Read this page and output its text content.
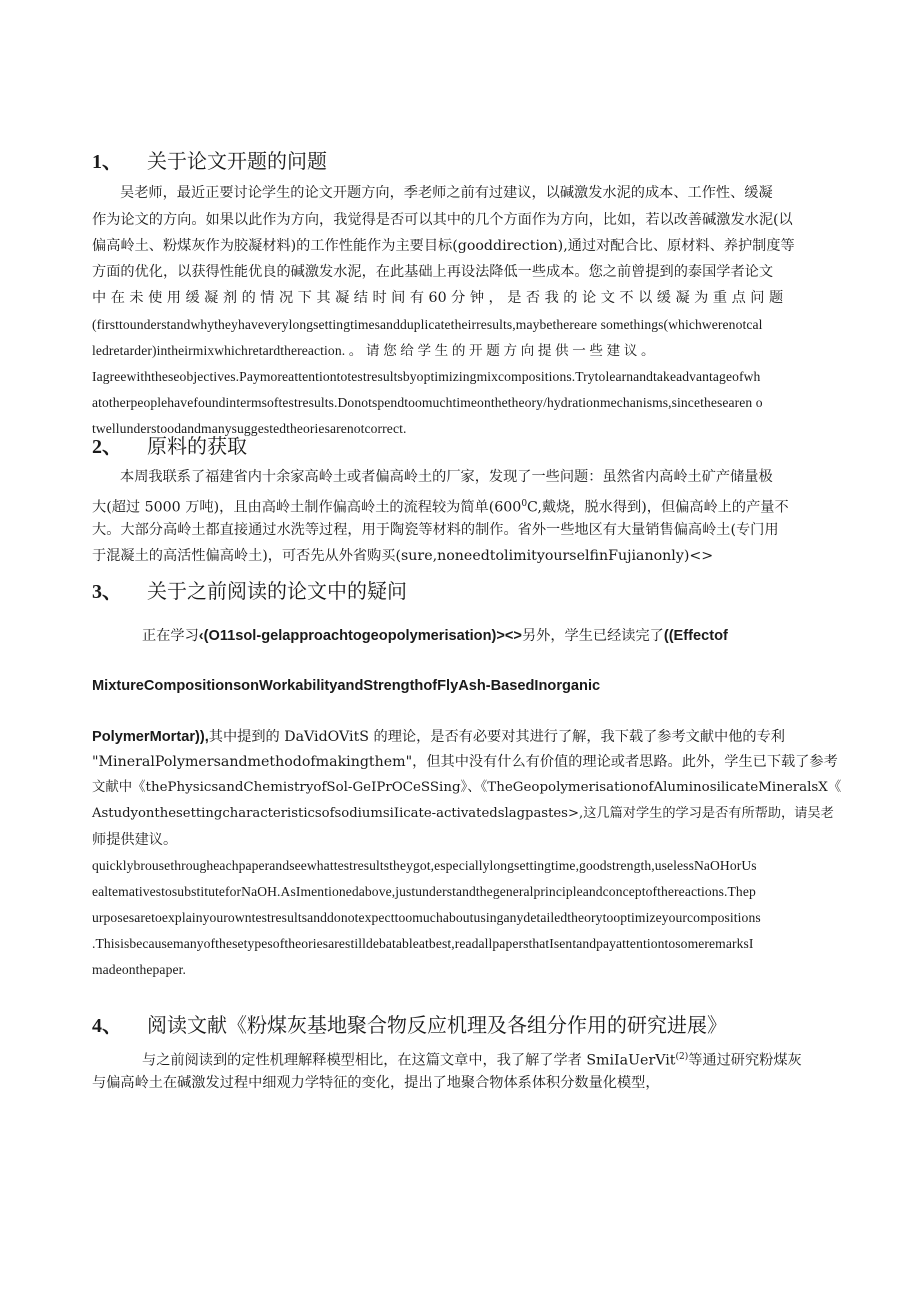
1、 关于论文开题的问题
吴老师，最近正要讨论学生的论文开题方向，季老师之前有过建议，以碱激发水泥的成本、工作性、缓凝
作为论文的方向。如果以此作为方向，我觉得是否可以其中的几个方面作为方向，比如，若以改善碱激发水泥(以
偏高岭土、粉煤灰作为胶凝材料)的工作性能作为主要目标(gooddirection),通过对配合比、原材料、养护制度等
方面的优化，以获得性能优良的碱激发水泥，在此基础上再设法降低一些成本。您之前曾提到的泰国学者论文
中 在 未 使 用 缓 凝 剂 的 情 况 下 其 凝 结 时 间 有 60 分 钟 ， 是 否 我 的 论 文 不 以 缓 凝 为 重 点 问 题
(firsttounderstandwhytheyhaveverylongsettingtimesandduplicatetheirresults,maybethereare somethings(whichwerenotcal
ledretarder)intheirmixwhichretardthereaction. 。 请 您 给 学 生 的 开 题 方 向 提 供 一 些 建 议 。
Iagreewiththeseobjectives.Paymoreattentiontotestresultsbyoptimizingmixcompositions.Trytolearnandtakeadvantageofwh
atotherpeoplehavefoundintermsoftestresults.Donotspendtoomuchtimeonthetheory/hydrationmechanisms,sincethesearen o
twellunderstoodandmanysuggestedtheoriesarenotcorrect.
2、 原料的获取
本周我联系了福建省内十余家高岭土或者偏高岭土的厂家，发现了一些问题：虽然省内高岭土矿产储量极
大(超过 5000 万吨)，且由高岭土制作偏高岭土的流程较为简单($600^0C$,戴烧，脱水得到)，但偏高岭上的产量不
大。大部分高岭土都直接通过水洗等过程，用于陶瓷等材料的制作。省外一些地区有大量销售偏高岭土(专门用
于混凝土的高活性偏高岭土)，可否先从外省购买(sure,noneedtolimityourselfinFujianonly)<>
3、 关于之前阅读的论文中的疑问
正在学习‹(O11sol-gelapproachtogeopolymerisation)><>另外，学生已经读完了((Effectof
MixtureCompositionsonWorkabilityandStrengthofFlyAsh-BasedInorganic
PolymerMortar)),其中提到的 DaVidOVitS 的理论，是否有必要对其进行了解，我下载了参考文献中他的专利
"MineralPolymersandmethodofmakingthem"，但其中没有什么有价值的理论或者思路。此外，学生已下载了参考
文献中《thePhysicsandChemistryofSol-GeIPrOCeSSing》、《TheGeopolymerisationofAluminosilicateMineralsX《
AstudyonthesettingcharacteristicsofsodiumsiIicate-activatedslagpastes>,这几篇对学生的学习是否有所帮助，请吴老
师提供建议。
quicklybrousethrougheachpaperandseewhattestresultstheygot,especiallylongsettingtime,goodstrength,uselessNaOHorUs
ealtemativestosubstituteforNaOH.AsImentionedabove,justunderstandthegeneralprincipleandconceptofthereactions.Thep
urposesaretoexplainyourowntestresultsanddonotexpecttoomuchaboutusinganydetailedtheorytooptimizeyourcompositions
.Thisisbecausemanyofthesetypesoftheoriesarestilldebatableatbest,readallpapersthatIsentandpayattentiontosomeremarksI
madeonthepaper.
4、 阅读文献《粉煤灰基地聚合物反应机理及各组分作用的研究进展》
与之前阅读到的定性机理解释模型相比，在这篇文章中，我了解了学者 SmiIaUerVit$^{(2)}$等通过研究粉煤灰
与偏高岭土在碱激发过程中细观力学特征的变化，提出了地聚合物体系体积分数量化模型，
